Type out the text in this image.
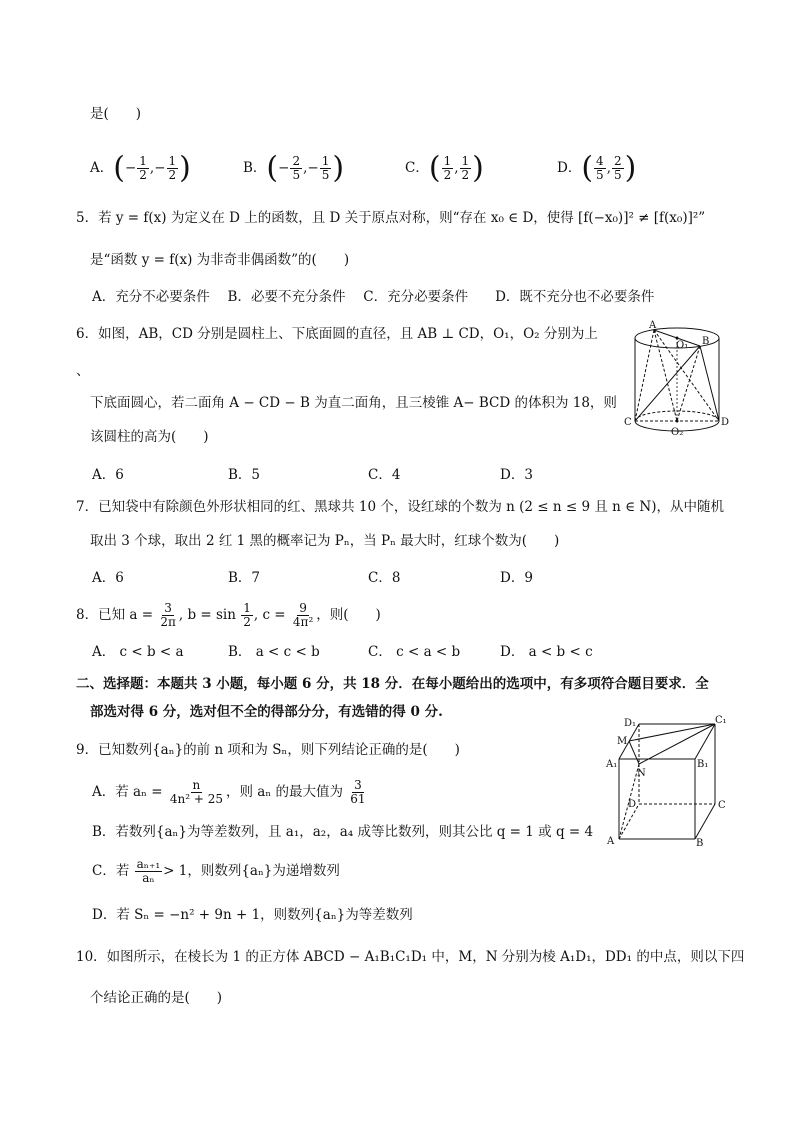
是(　　)
A．(− $\frac{1}{2}$ ,− $\frac{1}{2}$ )	B．(− $\frac{2}{5}$ ,− $\frac{1}{5}$ )	C．( $\frac{1}{2}$ , $\frac{1}{2}$ )	D．( $\frac{4}{5}$ , $\frac{2}{5}$ )
5．若 y = f(x) 为定义在 D 上的函数，且 D 关于原点对称，则“存在 x₀ ∈ D，使得 [f(−x₀)]² ≠ [f(x₀)]²”
是“函数 y = f(x) 为非奇非偶函数”的(　　)
A．充分不必要条件　 B．必要不充分条件　 C．充分必要条件　　D．既不充分也不必要条件
6．如图，AB，CD 分别是圆柱上、下底面圆的直径，且 AB ⊥ CD，O₁，O₂ 分别为上
、
下底面圆心，若二面角 A − CD − B 为直二面角，且三棱锥 A− BCD 的体积为 18，则
该圆柱的高为(　　)
A．6	B．5	C．4	D．3
A
O₁ B
C
O₂
D
7．已知袋中有除颜色外形状相同的红、黑球共 10 个，设红球的个数为 n (2 ≤ n ≤ 9 且 n ∈ N)，从中随机
取出 3 个球，取出 2 红 1 黑的概率记为 Pₙ，当 Pₙ 最大时，红球个数为(　　)
A．6	B．7	C．8	D．9
8．已知 $a = \frac{3}{2\pi}$ , $b = \sin \frac{1}{2}$ , $c = \frac{9}{\text{4π²}}$ ，则(　　)
A． c < b < a	B． a < c < b	C． c < a < b	D． a < b < c
二、选择题：本题共 3 小题，每小题 6 分，共 18 分．在每小题给出的选项中，有多项符合题目要求．全
部选对得 6 分，选对但不全的得部分分，有选错的得 0 分.
9．已知数列{aₙ}的前 n 项和为 Sₙ，则下列结论正确的是(　　)
A．若 $a_n = \frac{n}{\text{4n² + 25}}$ ，则 aₙ 的最大值为 $\frac{3}{61}$
B．若数列{aₙ}为等差数列，且 a₁，a₂，a₄ 成等比数列，则其公比 q = 1 或 q = 4
C．若 $\frac{\text{aₙ₊₁}}{\text{aₙ}} > 1$，则数列{aₙ}为递增数列
D．若 Sₙ = −n² + 9n + 1，则数列{aₙ}为等差数列
10．如图所示，在棱长为 1 的正方体 ABCD − A₁B₁C₁D₁ 中，M，N 分别为棱 A₁D₁，DD₁ 的中点，则以下四
个结论正确的是(　　)
D₁	C₁
M
A₁	B₁
N
D	C
A	B
